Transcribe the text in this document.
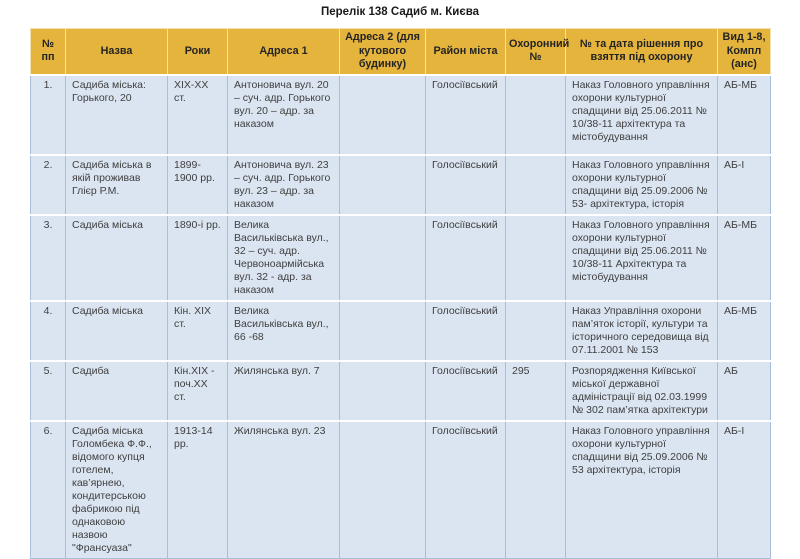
Перелік 138 Садиб м. Києва
№ пп	Назва	Роки	Адреса 1	Адреса 2 (для кутового будинку)	Район міста	Охоронний №	№ та дата рішення про взяття під охорону	Вид 1-8, Компл (анс)
1.	Садиба міська: Горького, 20	XIX-XX ст.	Антоновича вул. 20 – суч. адр. Горького вул. 20 – адр. за наказом		Голосіївський		Наказ Головного управління охорони культурної спадщини від 25.06.2011 № 10/38-11 архітектура та містобудування	АБ-МБ
2.	Садиба міська в якій проживав Глієр Р.М.	1899-1900 рр.	Антоновича вул. 23 – суч. адр. Горького вул. 23 – адр. за наказом		Голосіївський		Наказ Головного управління охорони культурної спадщини від 25.09.2006 № 53- архітектура, історія	АБ-І
3.	Садиба міська	1890-і рр.	Велика Васильківська вул., 32 – суч. адр. Червоноармійська вул. 32 - адр. за наказом		Голосіївський		Наказ Головного управління охорони культурної спадщини від 25.06.2011 № 10/38-11 Архітектура та містобудування	АБ-МБ
4.	Садиба міська	Кін. XIX ст.	Велика Васильківська вул., 66 -68		Голосіївський		Наказ Управління охорони пам’яток історії, культури та історичного середовища від 07.11.2001 № 153	АБ-МБ
5.	Садиба	Кін.XIX - поч.XX ст.	Жилянська вул. 7		Голосіївський	295	Розпорядження Київської міської державної адміністрації від 02.03.1999 № 302 пам’ятка архітектури	АБ
6.	Садиба міська Голомбека Ф.Ф., відомого купця готелем, кав’ярнею, кондитерською фабрикою під однаковою назвою "Франсуаза"	1913-14 рр.	Жилянська вул. 23		Голосіївський		Наказ Головного управління охорони культурної спадщини від 25.09.2006 № 53 архітектура, історія	АБ-І
